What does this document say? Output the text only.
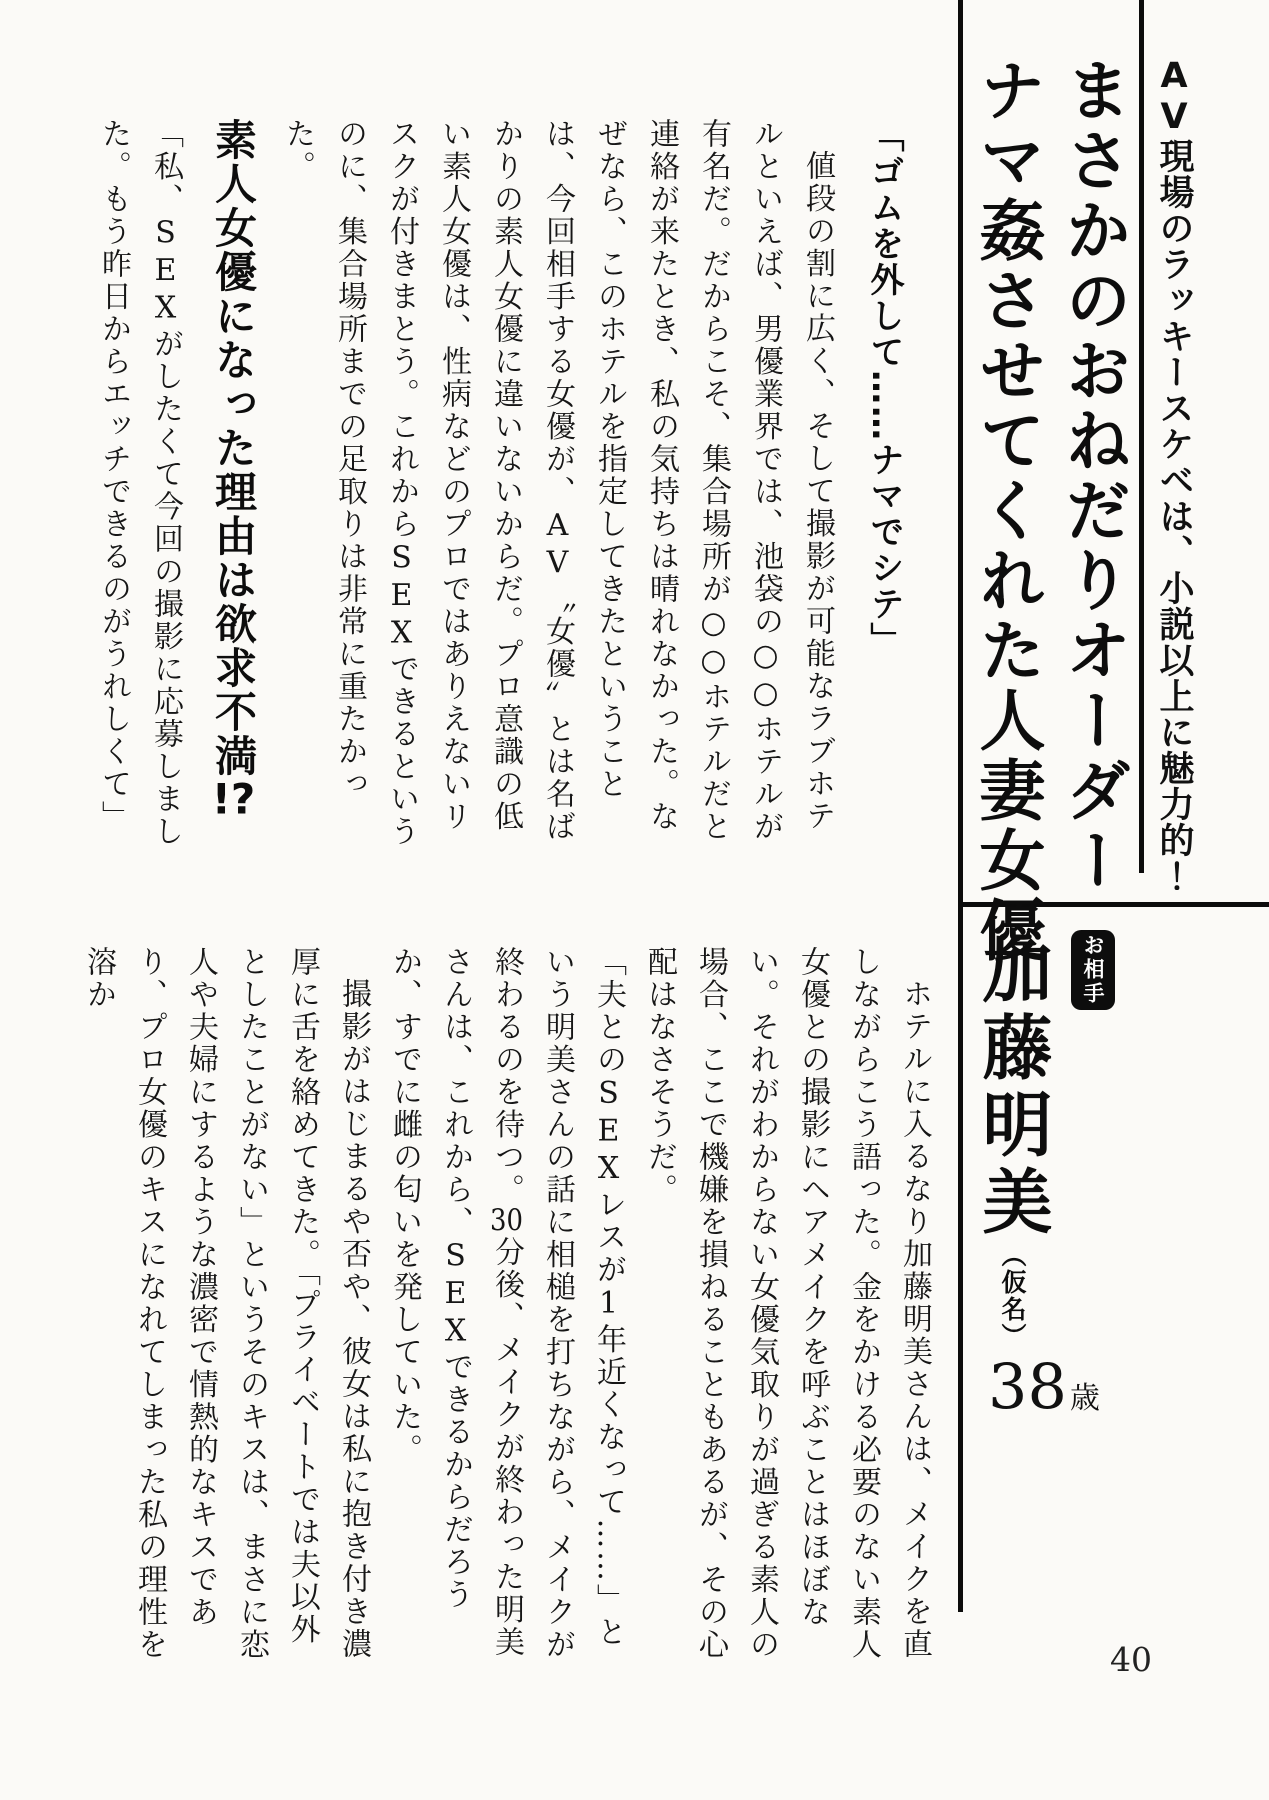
AV現場のラッキースケベは、小説以上に魅力的！
まさかのおねだりオーダー
ナマ姦させてくれた人妻女優
お相手
加藤明美（仮名）
38 歳
「ゴムを外して……ナマでシテ」

値段の割に広く、そして撮影が可能なラブホテルといえば、男優業界では、池袋の○○ホテルが有名だ。だからこそ、集合場所が○○ホテルだと連絡が来たとき、私の気持ちは晴れなかった。なぜなら、このホテルを指定してきたということは、今回相手する女優が、AV〝女優〟とは名ばかりの素人女優に違いないからだ。プロ意識の低い素人女優は、性病などのプロではありえないリスクが付きまとう。これからSEXできるというのに、集合場所までの足取りは非常に重たかった。

素人女優になった理由は欲求不満!?

「私、SEXがしたくて今回の撮影に応募しました。もう昨日からエッチできるのがうれしくて」

ホテルに入るなり加藤明美さんは、メイクを直しながらこう語った。金をかける必要のない素人女優との撮影にヘアメイクを呼ぶことはほぼない。それがわからない女優気取りが過ぎる素人の場合、ここで機嫌を損ねることもあるが、その心配はなさそうだ。

「夫とのSEXレスが1年近くなって……」という明美さんの話に相槌を打ちながら、メイクが終わるのを待つ。30分後、メイクが終わった明美さんは、これから、SEXできるからだろうか、すでに雌の匂いを発していた。

撮影がはじまるや否や、彼女は私に抱き付き濃厚に舌を絡めてきた。「プライベートでは夫以外としたことがない」というそのキスは、まさに恋人や夫婦にするような濃密で情熱的なキスであり、プロ女優のキスになれてしまった私の理性を溶か

40
